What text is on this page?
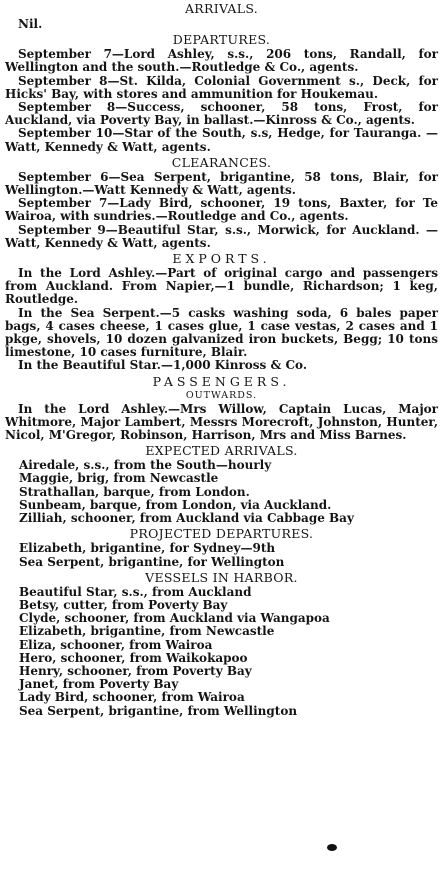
ARRIVALS.

Nil.

DEPARTURES.

September 7—Lord Ashley, s.s., 206 tons, Randall, for Wellington and the south.—Routledge & Co., agents.

September 8—St. Kilda, Colonial Government s., Deck, for Hicks' Bay, with stores and ammunition for Houkemau.

September 8—Success, schooner, 58 tons, Frost, for Auckland, via Poverty Bay, in ballast.—Kinross & Co., agents.

September 10—Star of the South, s.s, Hedge, for Tauranga. —Watt, Kennedy & Watt, agents.

CLEARANCES.

September 6—Sea Serpent, brigantine, 58 tons, Blair, for Wellington.—Watt Kennedy & Watt, agents.

September 7—Lady Bird, schooner, 19 tons, Baxter, for Te Wairoa, with sundries.—Routledge and Co., agents.

September 9—Beautiful Star, s.s., Morwick, for Auckland. —Watt, Kennedy & Watt, agents.

EXPORTS.

In the Lord Ashley.—Part of original cargo and passengers from Auckland. From Napier,—1 bundle, Richardson; 1 keg, Routledge.

In the Sea Serpent.—5 casks washing soda, 6 bales paper bags, 4 cases cheese, 1 cases glue, 1 case vestas, 2 cases and 1 pkge, shovels, 10 dozen galvanized iron buckets, Begg; 10 tons limestone, 10 cases furniture, Blair.

In the Beautiful Star.—1,000 Kinross & Co.

PASSENGERS.
OUTWARDS.

In the Lord Ashley.—Mrs Willow, Captain Lucas, Major Whitmore, Major Lambert, Messrs Morecroft, Johnston, Hunter, Nicol, M'Gregor, Robinson, Harrison, Mrs and Miss Barnes.

EXPECTED ARRIVALS.
Airedale, s.s., from the South—hourly
Maggie, brig, from Newcastle
Strathallan, barque, from London.
Sunbeam, barque, from London, via Auckland.
Zilliah, schooner, from Auckland via Cabbage Bay
PROJECTED DEPARTURES.
Elizabeth, brigantine, for Sydney—9th
Sea Serpent, brigantine, for Wellington
VESSELS IN HARBOR.
Beautiful Star, s.s., from Auckland
Betsy, cutter, from Poverty Bay
Clyde, schooner, from Auckland via Wangapoa
Elizabeth, brigantine, from Newcastle
Eliza, schooner, from Wairoa
Hero, schooner, from Waikokapoo
Henry, schooner, from Poverty Bay
Janet, from Poverty Bay
Lady Bird, schooner, from Wairoa
Sea Serpent, brigantine, from Wellington
